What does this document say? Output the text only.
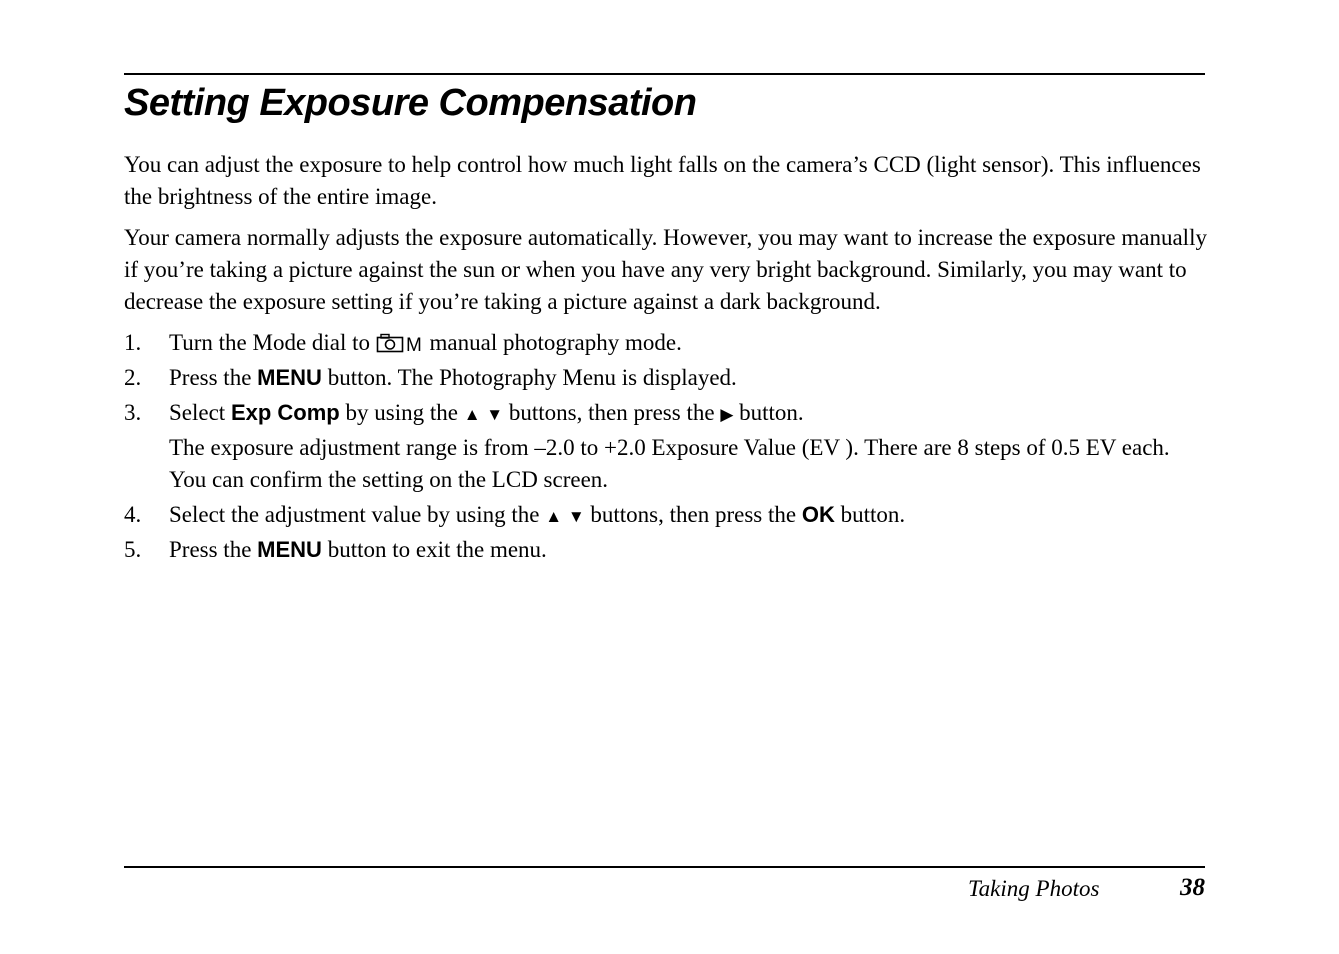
Setting Exposure Compensation

You can adjust the exposure to help control how much light falls on the camera’s CCD (light sensor). This influences the brightness of the entire image.

Your camera normally adjusts the exposure automatically. However, you may want to increase the exposure manually if you’re taking a picture against the sun or when you have any very bright background. Similarly, you may want to decrease the exposure setting if you’re taking a picture against a dark background.

1. Turn the Mode dial to M manual photography mode.
2. Press the MENU button. The Photography Menu is displayed.
3. Select Exp Comp by using the ▲ ▼ buttons, then press the ▶ button.

The exposure adjustment range is from –2.0 to +2.0 Exposure Value (EV ). There are 8 steps of 0.5 EV each. You can confirm the setting on the LCD screen.

4. Select the adjustment value by using the ▲ ▼ buttons, then press the OK button.
5. Press the MENU button to exit the menu.
Taking Photos	38
